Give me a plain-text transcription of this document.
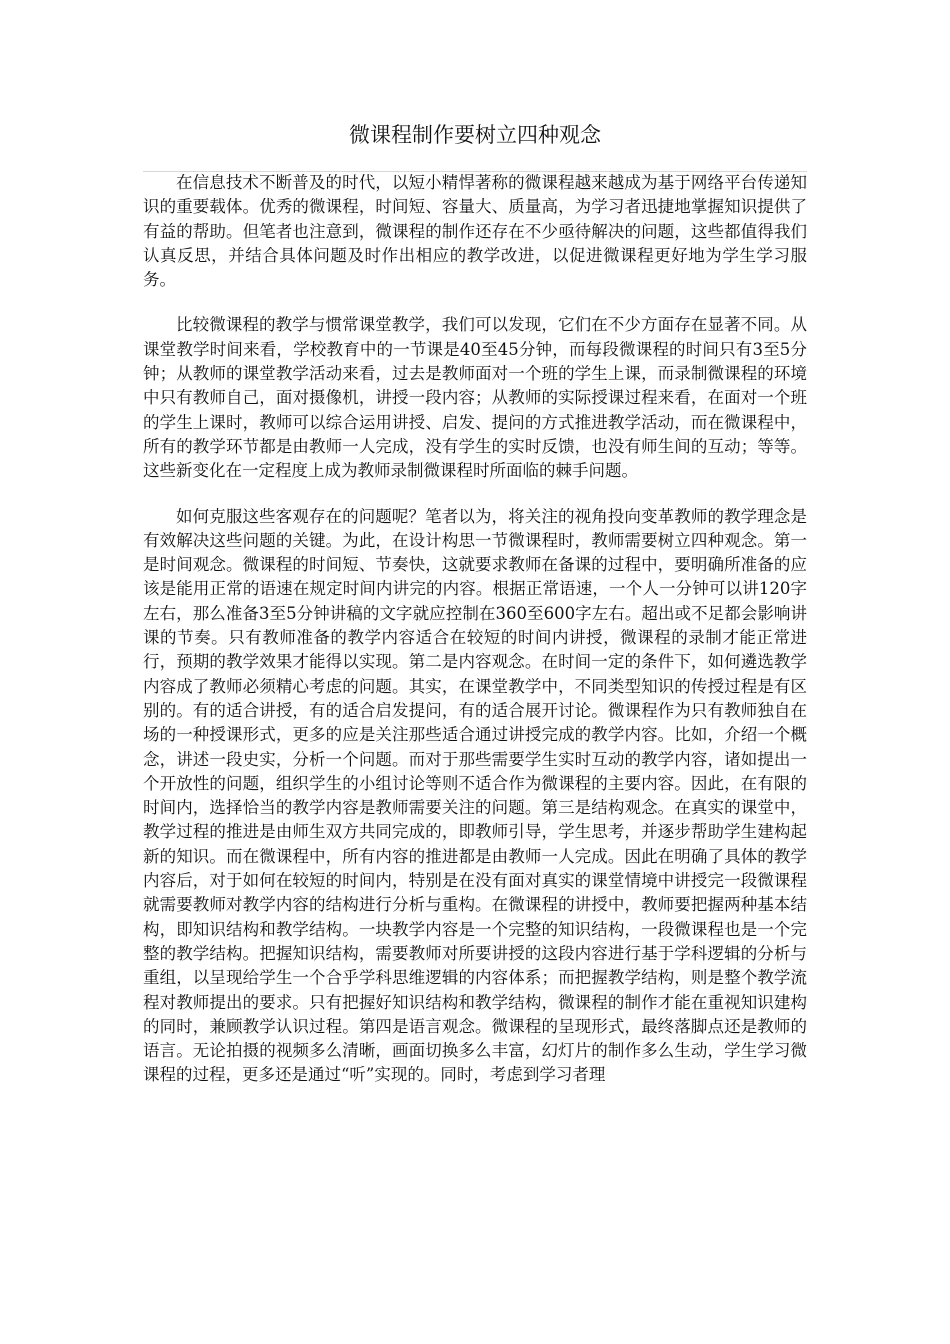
微课程制作要树立四种观念

在信息技术不断普及的时代，以短小精悍著称的微课程越来越成为基于网络平台传递知识的重要载体。优秀的微课程，时间短、容量大、质量高，为学习者迅捷地掌握知识提供了有益的帮助。但笔者也注意到，微课程的制作还存在不少亟待解决的问题，这些都值得我们认真反思，并结合具体问题及时作出相应的教学改进，以促进微课程更好地为学生学习服务。

比较微课程的教学与惯常课堂教学，我们可以发现，它们在不少方面存在显著不同。从课堂教学时间来看，学校教育中的一节课是40至45分钟，而每段微课程的时间只有3至5分钟；从教师的课堂教学活动来看，过去是教师面对一个班的学生上课，而录制微课程的环境中只有教师自己，面对摄像机，讲授一段内容；从教师的实际授课过程来看，在面对一个班的学生上课时，教师可以综合运用讲授、启发、提问的方式推进教学活动，而在微课程中，所有的教学环节都是由教师一人完成，没有学生的实时反馈，也没有师生间的互动；等等。这些新变化在一定程度上成为教师录制微课程时所面临的棘手问题。

如何克服这些客观存在的问题呢？笔者以为，将关注的视角投向变革教师的教学理念是有效解决这些问题的关键。为此，在设计构思一节微课程时，教师需要树立四种观念。第一是时间观念。微课程的时间短、节奏快，这就要求教师在备课的过程中，要明确所准备的应该是能用正常的语速在规定时间内讲完的内容。根据正常语速，一个人一分钟可以讲120字左右，那么准备3至5分钟讲稿的文字就应控制在360至600字左右。超出或不足都会影响讲课的节奏。只有教师准备的教学内容适合在较短的时间内讲授，微课程的录制才能正常进行，预期的教学效果才能得以实现。第二是内容观念。在时间一定的条件下，如何遴选教学内容成了教师必须精心考虑的问题。其实，在课堂教学中，不同类型知识的传授过程是有区别的。有的适合讲授，有的适合启发提问，有的适合展开讨论。微课程作为只有教师独自在场的一种授课形式，更多的应是关注那些适合通过讲授完成的教学内容。比如，介绍一个概念，讲述一段史实，分析一个问题。而对于那些需要学生实时互动的教学内容，诸如提出一个开放性的问题，组织学生的小组讨论等则不适合作为微课程的主要内容。因此，在有限的时间内，选择恰当的教学内容是教师需要关注的问题。第三是结构观念。在真实的课堂中，教学过程的推进是由师生双方共同完成的，即教师引导，学生思考，并逐步帮助学生建构起新的知识。而在微课程中，所有内容的推进都是由教师一人完成。因此在明确了具体的教学内容后，对于如何在较短的时间内，特别是在没有面对真实的课堂情境中讲授完一段微课程就需要教师对教学内容的结构进行分析与重构。在微课程的讲授中，教师要把握两种基本结构，即知识结构和教学结构。一块教学内容是一个完整的知识结构，一段微课程也是一个完整的教学结构。把握知识结构，需要教师对所要讲授的这段内容进行基于学科逻辑的分析与重组，以呈现给学生一个合乎学科思维逻辑的内容体系；而把握教学结构，则是整个教学流程对教师提出的要求。只有把握好知识结构和教学结构，微课程的制作才能在重视知识建构的同时，兼顾教学认识过程。第四是语言观念。微课程的呈现形式，最终落脚点还是教师的语言。无论拍摄的视频多么清晰，画面切换多么丰富，幻灯片的制作多么生动，学生学习微课程的过程，更多还是通过“听”实现的。同时，考虑到学习者理
